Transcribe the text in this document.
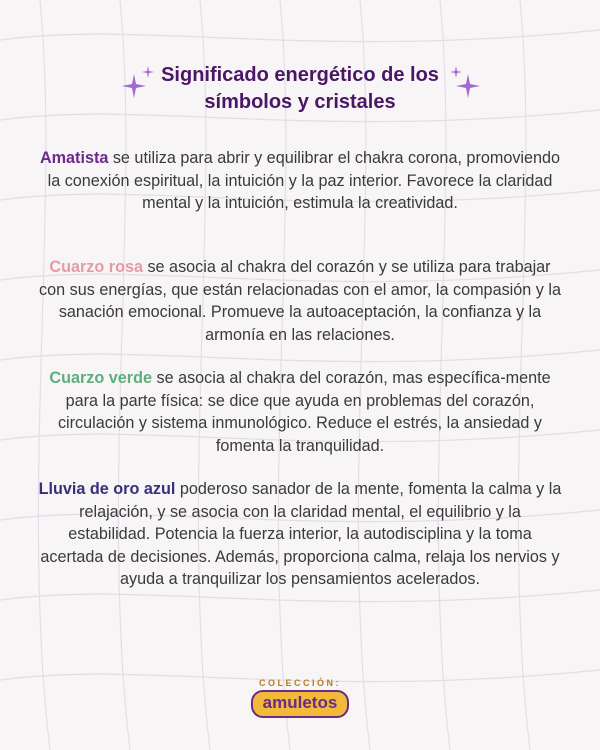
Significado energético de los

símbolos y cristales

Amatista se utiliza para abrir y equilibrar el chakra corona, promoviendo la conexión espiritual, la intuición y la paz interior. Favorece la claridad mental y la intuición, estimula la creatividad.

Cuarzo rosa se asocia al chakra del corazón y se utiliza para trabajar con sus energías, que están relacionadas con el amor, la compasión y la sanación emocional. Promueve la autoaceptación, la confianza y la armonía en las relaciones.

Cuarzo verde se asocia al chakra del corazón, mas específica-mente para la parte física: se dice que ayuda en problemas del corazón, circulación y sistema inmunológico. Reduce el estrés, la ansiedad y fomenta la tranquilidad.

Lluvia de oro azul poderoso sanador de la mente, fomenta la calma y la relajación, y se asocia con la claridad mental, el equilibrio y la estabilidad. Potencia la fuerza interior, la autodisciplina y la toma acertada de decisiones. Además, proporciona calma, relaja los nervios y ayuda a tranquilizar los pensamientos acelerados.

COLECCIÓN:
amuletos
